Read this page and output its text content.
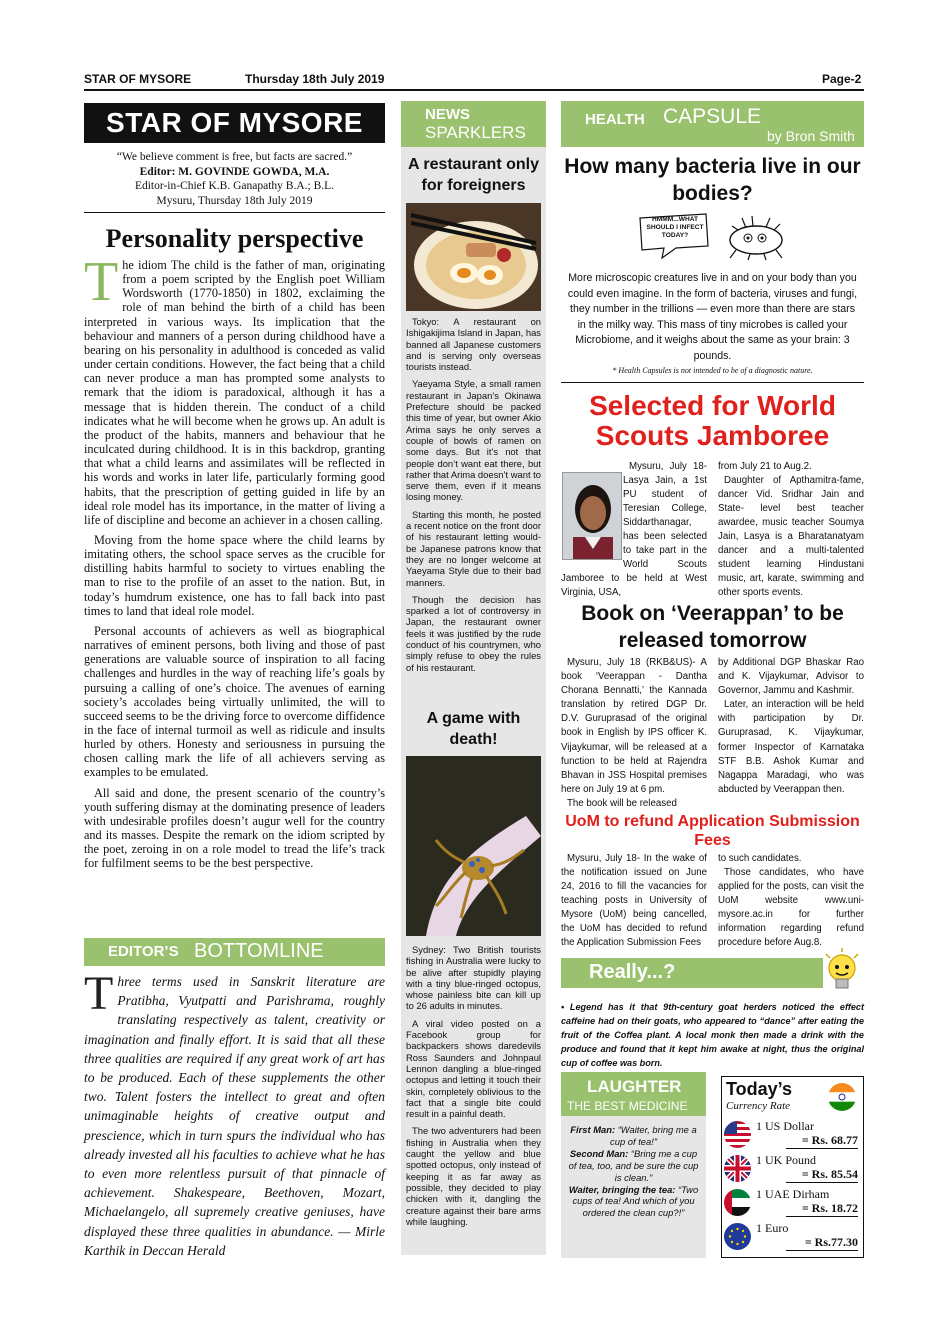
STAR OF MYSORE	Thursday 18th July 2019	Page-2
STAR OF MYSORE
“We believe comment is free, but facts are sacred.”
Editor: M. GOVINDE GOWDA, M.A.
Editor-in-Chief K.B. Ganapathy B.A.; B.L.
Mysuru, Thursday 18th July 2019
Personality perspective
The idiom The child is the father of man, originating from a poem scripted by the English poet William Wordsworth (1770-1850) in 1802, exclaiming the role of man behind the birth of a child has been interpreted in various ways. Its implication that the behaviour and manners of a person during childhood have a bearing on his personality in adulthood is conceded as valid under certain conditions. However, the fact being that a child can never produce a man has prompted some analysts to remark that the idiom is paradoxical, although it has a message that is hidden therein. The conduct of a child indicates what he will become when he grows up. An adult is the product of the habits, manners and behaviour that he inculcated during childhood. It is in this backdrop, granting that what a child learns and assimilates will be reflected in his words and works in later life, particularly forming good habits, that the prescription of getting guided in life by an ideal role model has its importance, in the matter of living a life of discipline and become an achiever in a chosen calling.
Moving from the home space where the child learns by imitating others, the school space serves as the crucible for distilling habits harmful to society to virtues enabling the man to rise to the profile of an asset to the nation. But, in today’s humdrum existence, one has to fall back into past times to land that ideal role model.
Personal accounts of achievers as well as biographical narratives of eminent persons, both living and those of past generations are valuable source of inspiration to all facing challenges and hurdles in the way of reaching life’s goals by pursuing a calling of one’s choice. The avenues of earning society’s accolades being virtually unlimited, the will to succeed seems to be the driving force to overcome diffidence in the face of internal turmoil as well as ridicule and insults hurled by others. Honesty and seriousness in pursuing the chosen calling mark the life of all achievers serving as examples to be emulated.
All said and done, the present scenario of the country’s youth suffering dismay at the dominating presence of leaders with undesirable profiles doesn’t augur well for the country and its masses. Despite the remark on the idiom scripted by the poet, zeroing in on a role model to tread the life’s track for fulfilment seems to be the best perspective.
EDITOR’S BOTTOMLINE
Three terms used in Sanskrit literature are Pratibha, Vyutpatti and Parishrama, roughly translating respectively as talent, creativity or imagination and finally effort. It is said that all these three qualities are required if any great work of art has to be produced. Each of these supplements the other two. Talent fosters the intellect to great and often unimaginable heights of creative output and prescience, which in turn spurs the individual who has already invested all his faculties to achieve what he has to even more relentless pursuit of that pinnacle of achievement. Shakespeare, Beethoven, Mozart, Michaelangelo, all supremely creative geniuses, have displayed these three qualities in abundance. — Mirle Karthik in Deccan Herald
NEWS
SPARKLERS
A restaurant only for foreigners
Tokyo: A restaurant on Ishigakijima Island in Japan, has banned all Japanese customers and is serving only overseas tourists instead.
Yaeyama Style, a small ramen restaurant in Japan’s Okinawa Prefecture should be packed this time of year, but owner Akio Arima says he only serves a couple of bowls of ramen on some days. But it’s not that people don’t want eat there, but rather that Arima doesn’t want to serve them, even if it means losing money.
Starting this month, he posted a recent notice on the front door of his restaurant letting would-be Japanese patrons know that they are no longer welcome at Yaeyama Style due to their bad manners.
Though the decision has sparked a lot of controversy in Japan, the restaurant owner feels it was justified by the rude conduct of his countrymen, who simply refuse to obey the rules of his restaurant.
A game with death!
Sydney: Two British tourists fishing in Australia were lucky to be alive after stupidly playing with a tiny blue-ringed octopus, whose painless bite can kill up to 26 adults in minutes.
A viral video posted on a Facebook group for backpackers shows daredevils Ross Saunders and Johnpaul Lennon dangling a blue-ringed octopus and letting it touch their skin, completely oblivious to the fact that a single bite could result in a painful death.
The two adventurers had been fishing in Australia when they caught the yellow and blue spotted octopus, only instead of keeping it as far away as possible, they decided to play chicken with it, dangling the creature against their bare arms while laughing.
HEALTH CAPSULE
by Bron Smith
How many bacteria live in our bodies?
HMMM...WHAT SHOULD I INFECT TODAY?
More microscopic creatures live in and on your body than you could even imagine. In the form of bacteria, viruses and fungi, they number in the trillions — even more than there are stars in the milky way. This mass of tiny microbes is called your Microbiome, and it weighs about the same as your brain: 3 pounds.
* Health Capsules is not intended to be of a diagnostic nature.
Selected for World Scouts Jamboree
Mysuru, July 18- Lasya Jain, a 1st PU student of Teresian College, Siddarthanagar, has been selected to take part in the World Scouts Jamboree to be held at West Virginia, USA,
from July 21 to Aug.2.
Daughter of Apthamitra-fame, dancer Vid. Sridhar Jain and State- level best teacher awardee, music teacher Soumya Jain, Lasya is a Bharatanatyam dancer and a multi-talented student learning Hindustani music, art, karate, swimming and other sports events.
Book on ‘Veerappan’ to be released tomorrow
Mysuru, July 18 (RKB&US)- A book ‘Veerappan - Dantha Chorana Bennatti,’ the Kannada translation by retired DGP Dr. D.V. Guruprasad of the original book in English by IPS officer K. Vijaykumar, will be released at a function to be held at Rajendra Bhavan in JSS Hospital premises here on July 19 at 6 pm.
The book will be released
by Additional DGP Bhaskar Rao and K. Vijaykumar, Advisor to Governor, Jammu and Kashmir.
Later, an interaction will be held with participation by Dr. Guruprasad, K. Vijaykumar, former Inspector of Karnataka STF B.B. Ashok Kumar and Nagappa Maradagi, who was abducted by Veerappan then.
UoM to refund Application Submission Fees
Mysuru, July 18- In the wake of the notification issued on June 24, 2016 to fill the vacancies for teaching posts in University of Mysore (UoM) being cancelled, the UoM has decided to refund the Application Submission Fees
to such candidates.
Those candidates, who have applied for the posts, can visit the UoM website www.uni-mysore.ac.in for further information regarding refund procedure before Aug.8.
Really...?
• Legend has it that 9th-century goat herders noticed the effect caffeine had on their goats, who appeared to “dance” after eating the fruit of the Coffea plant. A local monk then made a drink with the produce and found that it kept him awake at night, thus the original cup of coffee was born.
LAUGHTER
THE BEST MEDICINE
First Man: “Waiter, bring me a cup of tea!”
Second Man: “Bring me a cup of tea, too, and be sure the cup is clean.”
Waiter, bringing the tea: “Two cups of tea! And which of you ordered the clean cup?!”
Today’s
Currency Rate
1 US Dollar
= Rs. 68.77
1 UK Pound
= Rs. 85.54
1 UAE Dirham
= Rs. 18.72
1 Euro
= Rs.77.30
